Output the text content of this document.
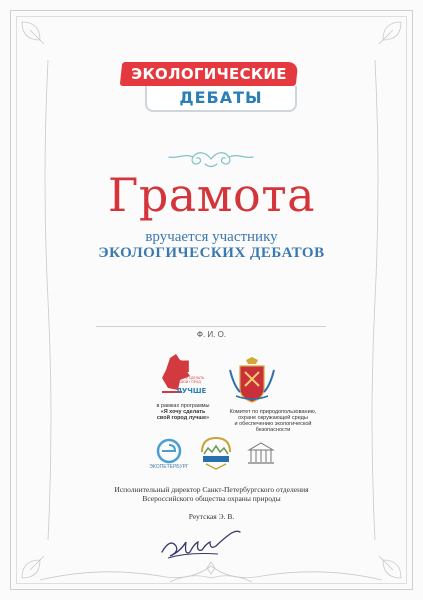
ЭКОЛОГИЧЕСКИЕ
ДЕБАТЫ
Грамота
вручается участнику
ЭКОЛОГИЧЕСКИХ ДЕБАТОВ
Ф. И. О.
Я
ХОЧУ СДЕЛАТЬ
СВОЙ ГОРОД
ЛУЧШЕ
в рамках программы
«Я хочу сделать
свой город лучше»
Комитет по природопользованию,
охране окружающей среды
и обеспечению экологической
безопасности
ЭКОПЕТЕРБУРГ
Исполнительный директор Санкт-Петербургского отделения
Всероссийского общества охраны природы
Реутская Э. В.
